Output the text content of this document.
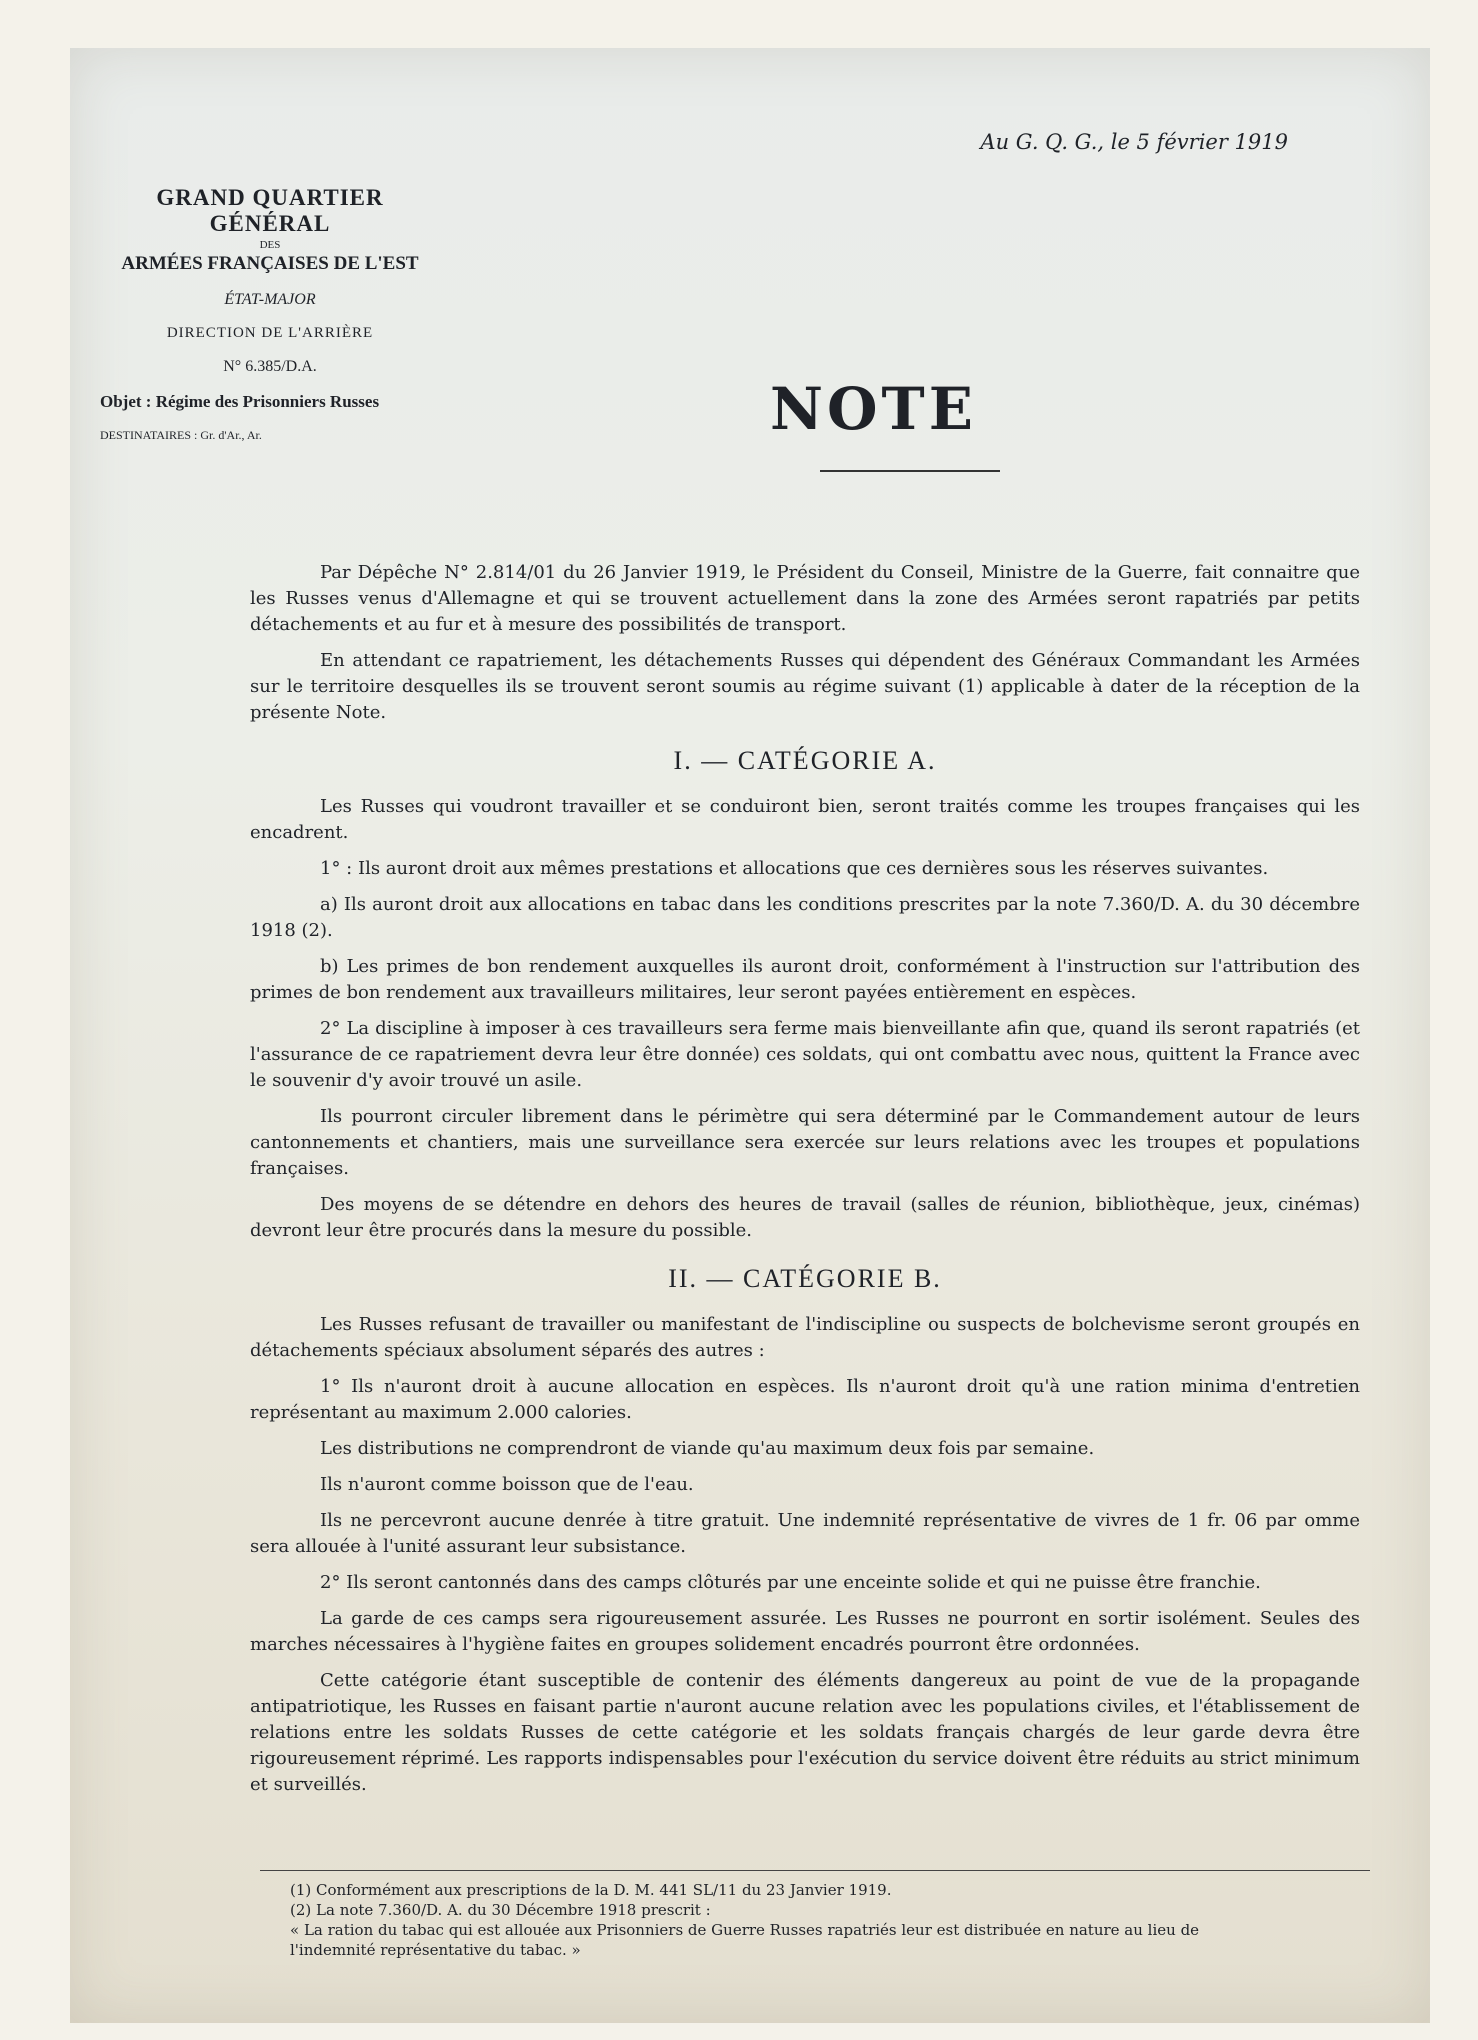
Au G. Q. G., le 5 février 1919
GRAND QUARTIER GÉNÉRAL
DES
ARMÉES FRANÇAISES DE L'EST
ÉTAT-MAJOR
DIRECTION DE L'ARRIÈRE
N° 6.385/D.A.
Objet : Régime des Prisonniers Russes
DESTINATAIRES : Gr. d'Ar., Ar.	NOTE

Par Dépêche N° 2.814/01 du 26 Janvier 1919, le Président du Conseil, Ministre de la Guerre, fait connaitre que les Russes venus d'Allemagne et qui se trouvent actuellement dans la zone des Armées seront rapatriés par petits détachements et au fur et à mesure des possibilités de transport.

En attendant ce rapatriement, les détachements Russes qui dépendent des Généraux Commandant les Armées sur le territoire desquelles ils se trouvent seront soumis au régime suivant (1) applicable à dater de la réception de la présente Note.

I. — CATÉGORIE A.

Les Russes qui voudront travailler et se conduiront bien, seront traités comme les troupes françaises qui les encadrent.

1° : Ils auront droit aux mêmes prestations et allocations que ces dernières sous les réserves suivantes.

a) Ils auront droit aux allocations en tabac dans les conditions prescrites par la note 7.360/D. A. du 30 décembre 1918 (2).

b) Les primes de bon rendement auxquelles ils auront droit, conformément à l'instruction sur l'attribution des primes de bon rendement aux travailleurs militaires, leur seront payées entièrement en espèces.

2° La discipline à imposer à ces travailleurs sera ferme mais bienveillante afin que, quand ils seront rapatriés (et l'assurance de ce rapatriement devra leur être donnée) ces soldats, qui ont combattu avec nous, quittent la France avec le souvenir d'y avoir trouvé un asile.

Ils pourront circuler librement dans le périmètre qui sera déterminé par le Commandement autour de leurs cantonnements et chantiers, mais une surveillance sera exercée sur leurs relations avec les troupes et populations françaises.

Des moyens de se détendre en dehors des heures de travail (salles de réunion, bibliothèque, jeux, cinémas) devront leur être procurés dans la mesure du possible.

II. — CATÉGORIE B.

Les Russes refusant de travailler ou manifestant de l'indiscipline ou suspects de bolchevisme seront groupés en détachements spéciaux absolument séparés des autres :

1° Ils n'auront droit à aucune allocation en espèces. Ils n'auront droit qu'à une ration minima d'entretien représentant au maximum 2.000 calories.

Les distributions ne comprendront de viande qu'au maximum deux fois par semaine.

Ils n'auront comme boisson que de l'eau.

Ils ne percevront aucune denrée à titre gratuit. Une indemnité représentative de vivres de 1 fr. 06 par omme sera allouée à l'unité assurant leur subsistance.

2° Ils seront cantonnés dans des camps clôturés par une enceinte solide et qui ne puisse être franchie.

La garde de ces camps sera rigoureusement assurée. Les Russes ne pourront en sortir isolément. Seules des marches nécessaires à l'hygiène faites en groupes solidement encadrés pourront être ordonnées.

Cette catégorie étant susceptible de contenir des éléments dangereux au point de vue de la propagande antipatriotique, les Russes en faisant partie n'auront aucune relation avec les populations civiles, et l'établissement de relations entre les soldats Russes de cette catégorie et les soldats français chargés de leur garde devra être rigoureusement réprimé. Les rapports indispensables pour l'exécution du service doivent être réduits au strict minimum et surveillés.

(1) Conformément aux prescriptions de la D. M. 441 SL/11 du 23 Janvier 1919.
(2) La note 7.360/D. A. du 30 Décembre 1918 prescrit :
« La ration du tabac qui est allouée aux Prisonniers de Guerre Russes rapatriés leur est distribuée en nature au lieu de
l'indemnité représentative du tabac. »
